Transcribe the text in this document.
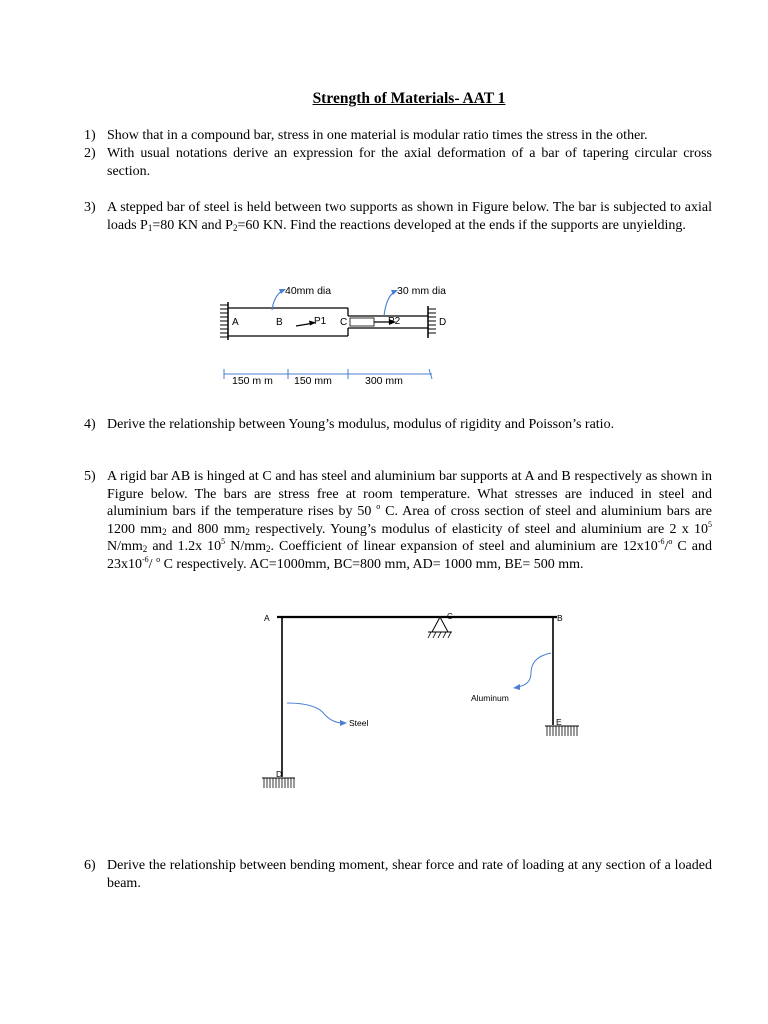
Strength of Materials- AAT 1
1) Show that in a compound bar, stress in one material is modular ratio times the stress in the other.
2) With usual notations derive an expression for the axial deformation of a bar of tapering circular cross section.
3) A stepped bar of steel is held between two supports as shown in Figure below. The bar is subjected to axial loads $P_1=80$ KN and $P_2=60$ KN. Find the reactions developed at the ends if the supports are unyielding.
40mm dia	30 mm dia
A	B	P1 C	P2	D
150 m m 150 mm	300 mm
4) Derive the relationship between Young’s modulus, modulus of rigidity and Poisson’s ratio.
5) A rigid bar AB is hinged at C and has steel and aluminium bar supports at A and B respectively as shown in Figure below. The bars are stress free at room temperature. What stresses are induced in steel and aluminium bars if the temperature rises by 50 $^o$ C. Area of cross section of steel and aluminium bars are 1200 $mm_2$ and 800 $mm_2$ respectively. Young’s modulus of elasticity of steel and aluminium are 2 x $10^5$ $N/mm_2$ and 1.2x $10^5$ $N/mm_2$. Coefficient of linear expansion of steel and aluminium are $12x10^{-6}/^o$ C and $23x10^{-6}/$ $^o$ C respectively. AC=1000mm, BC=800 mm, AD= 1000 mm, BE= 500 mm.
A	B
C
D
E
Steel
Aluminum
6) Derive the relationship between bending moment, shear force and rate of loading at any section of a loaded beam.
